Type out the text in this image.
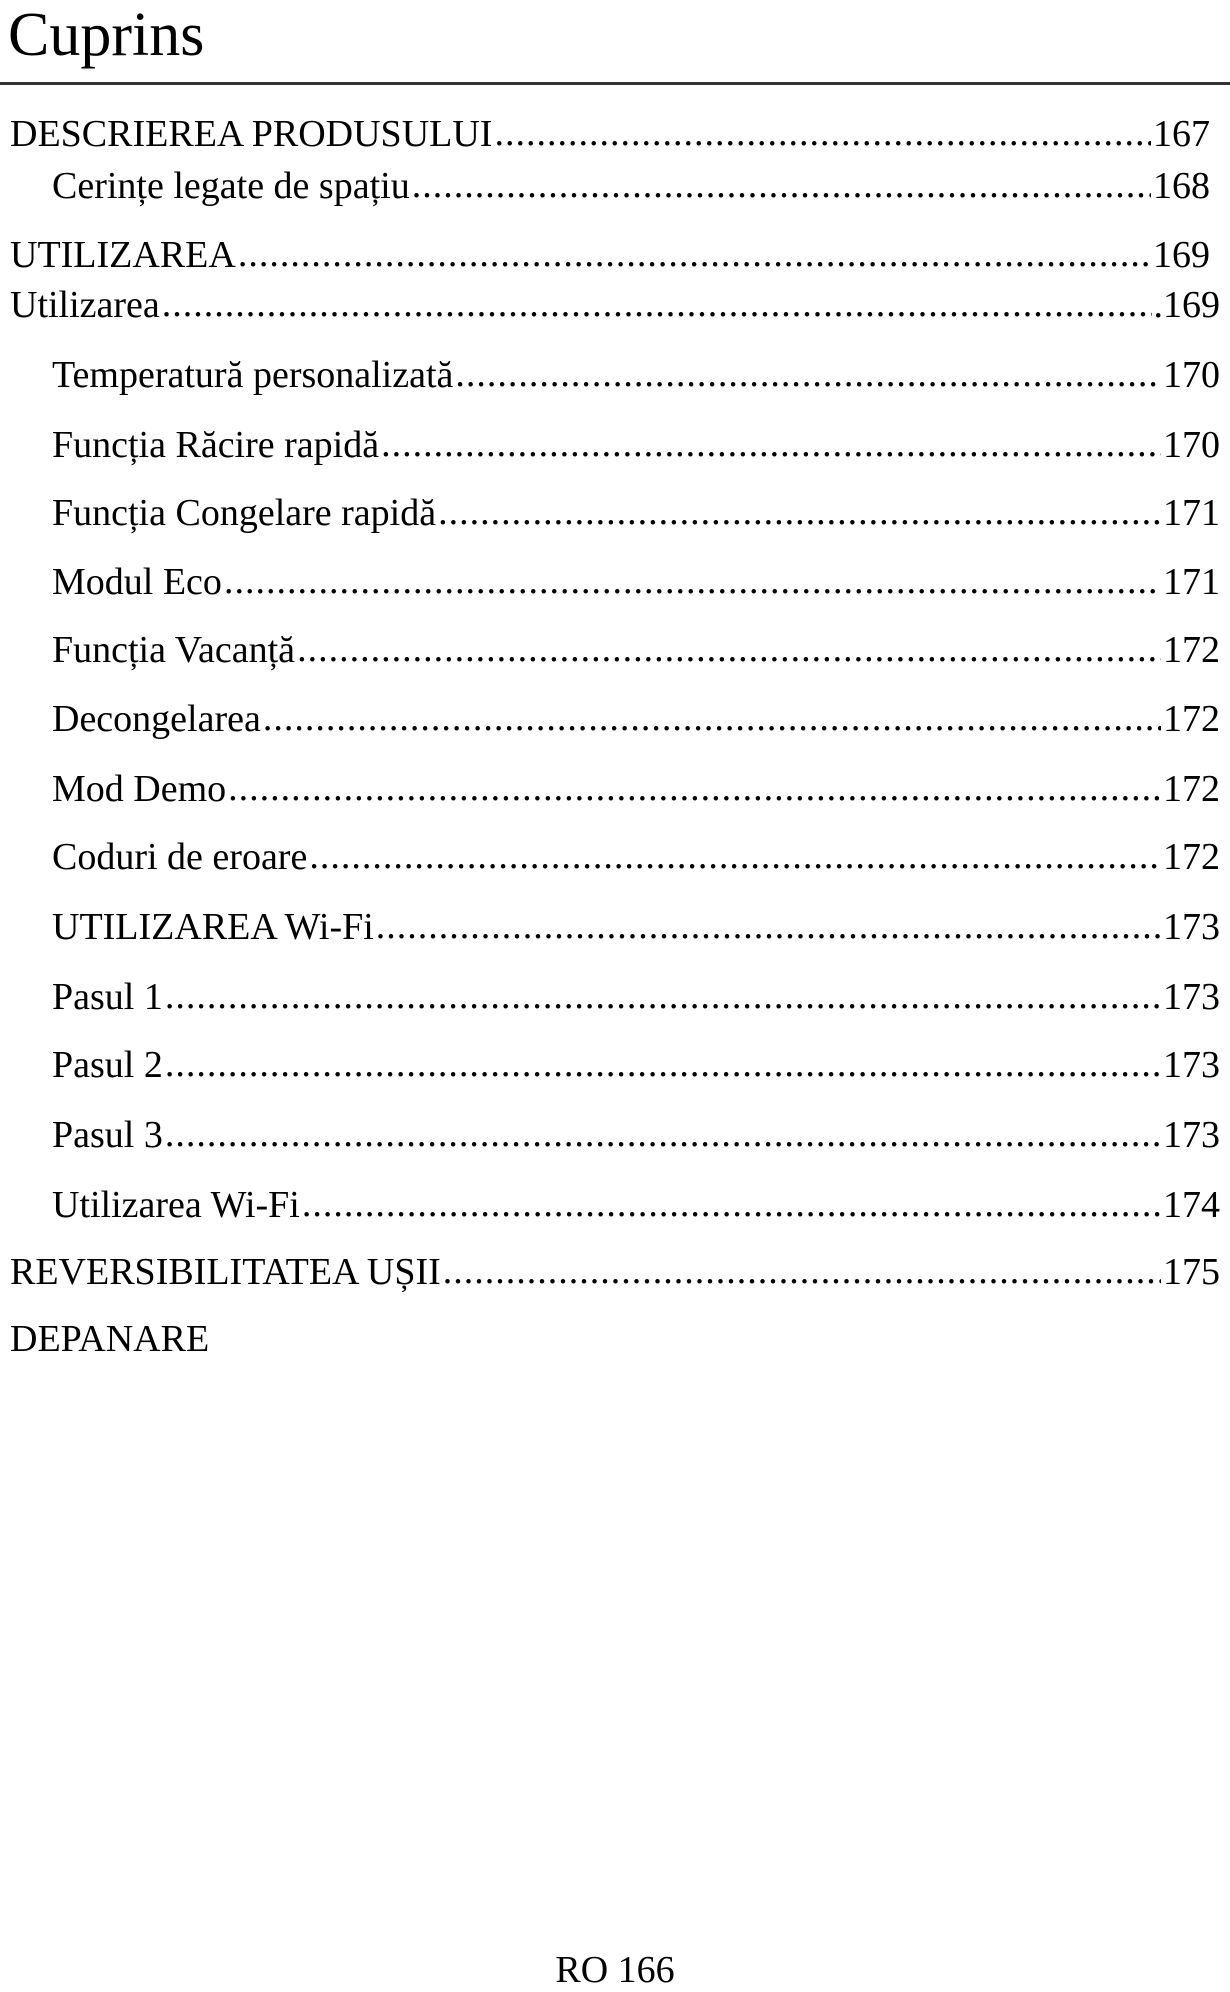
Cuprins
DESCRIEREA PRODUSULUI .....	167
Cerințe legate de spațiu .....	168
UTILIZAREA .....	169
Utilizarea .....	.169
Temperatură personalizată .....	170
Funcția Răcire rapidă .....	170
Funcția Congelare rapidă .....	171
Modul Eco .....	171
Funcția Vacanță .....	172
Decongelarea .....	172
Mod Demo .....	172
Coduri de eroare .....	172
UTILIZAREA Wi-Fi .....	173
Pasul 1 .....	173
Pasul 2 .....	173
Pasul 3 .....	173
Utilizarea Wi-Fi .....	174
REVERSIBILITATEA UȘII .....	175
DEPANARE
RO 166
